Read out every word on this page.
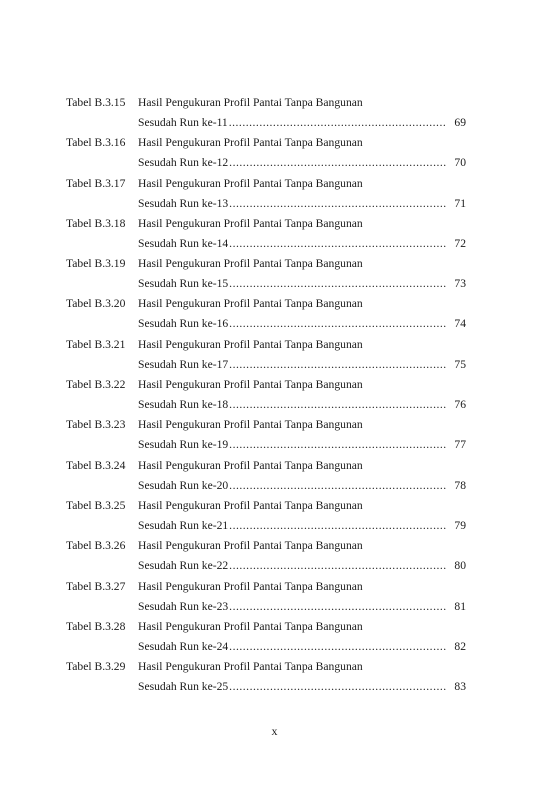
Tabel B.3.15 Hasil Pengukuran Profil Pantai Tanpa Bangunan
Sesudah Run ke-11 .....	69
Tabel B.3.16 Hasil Pengukuran Profil Pantai Tanpa Bangunan
Sesudah Run ke-12 .....	70
Tabel B.3.17 Hasil Pengukuran Profil Pantai Tanpa Bangunan
Sesudah Run ke-13 .....	71
Tabel B.3.18 Hasil Pengukuran Profil Pantai Tanpa Bangunan
Sesudah Run ke-14 .....	72
Tabel B.3.19 Hasil Pengukuran Profil Pantai Tanpa Bangunan
Sesudah Run ke-15 .....	73
Tabel B.3.20 Hasil Pengukuran Profil Pantai Tanpa Bangunan
Sesudah Run ke-16 .....	74
Tabel B.3.21 Hasil Pengukuran Profil Pantai Tanpa Bangunan
Sesudah Run ke-17 .....	75
Tabel B.3.22 Hasil Pengukuran Profil Pantai Tanpa Bangunan
Sesudah Run ke-18 .....	76
Tabel B.3.23 Hasil Pengukuran Profil Pantai Tanpa Bangunan
Sesudah Run ke-19 .....	77
Tabel B.3.24 Hasil Pengukuran Profil Pantai Tanpa Bangunan
Sesudah Run ke-20 .....	78
Tabel B.3.25 Hasil Pengukuran Profil Pantai Tanpa Bangunan
Sesudah Run ke-21 .....	79
Tabel B.3.26 Hasil Pengukuran Profil Pantai Tanpa Bangunan
Sesudah Run ke-22 .....	80
Tabel B.3.27 Hasil Pengukuran Profil Pantai Tanpa Bangunan
Sesudah Run ke-23 .....	81
Tabel B.3.28 Hasil Pengukuran Profil Pantai Tanpa Bangunan
Sesudah Run ke-24 .....	82
Tabel B.3.29 Hasil Pengukuran Profil Pantai Tanpa Bangunan
Sesudah Run ke-25 .....	83
x
